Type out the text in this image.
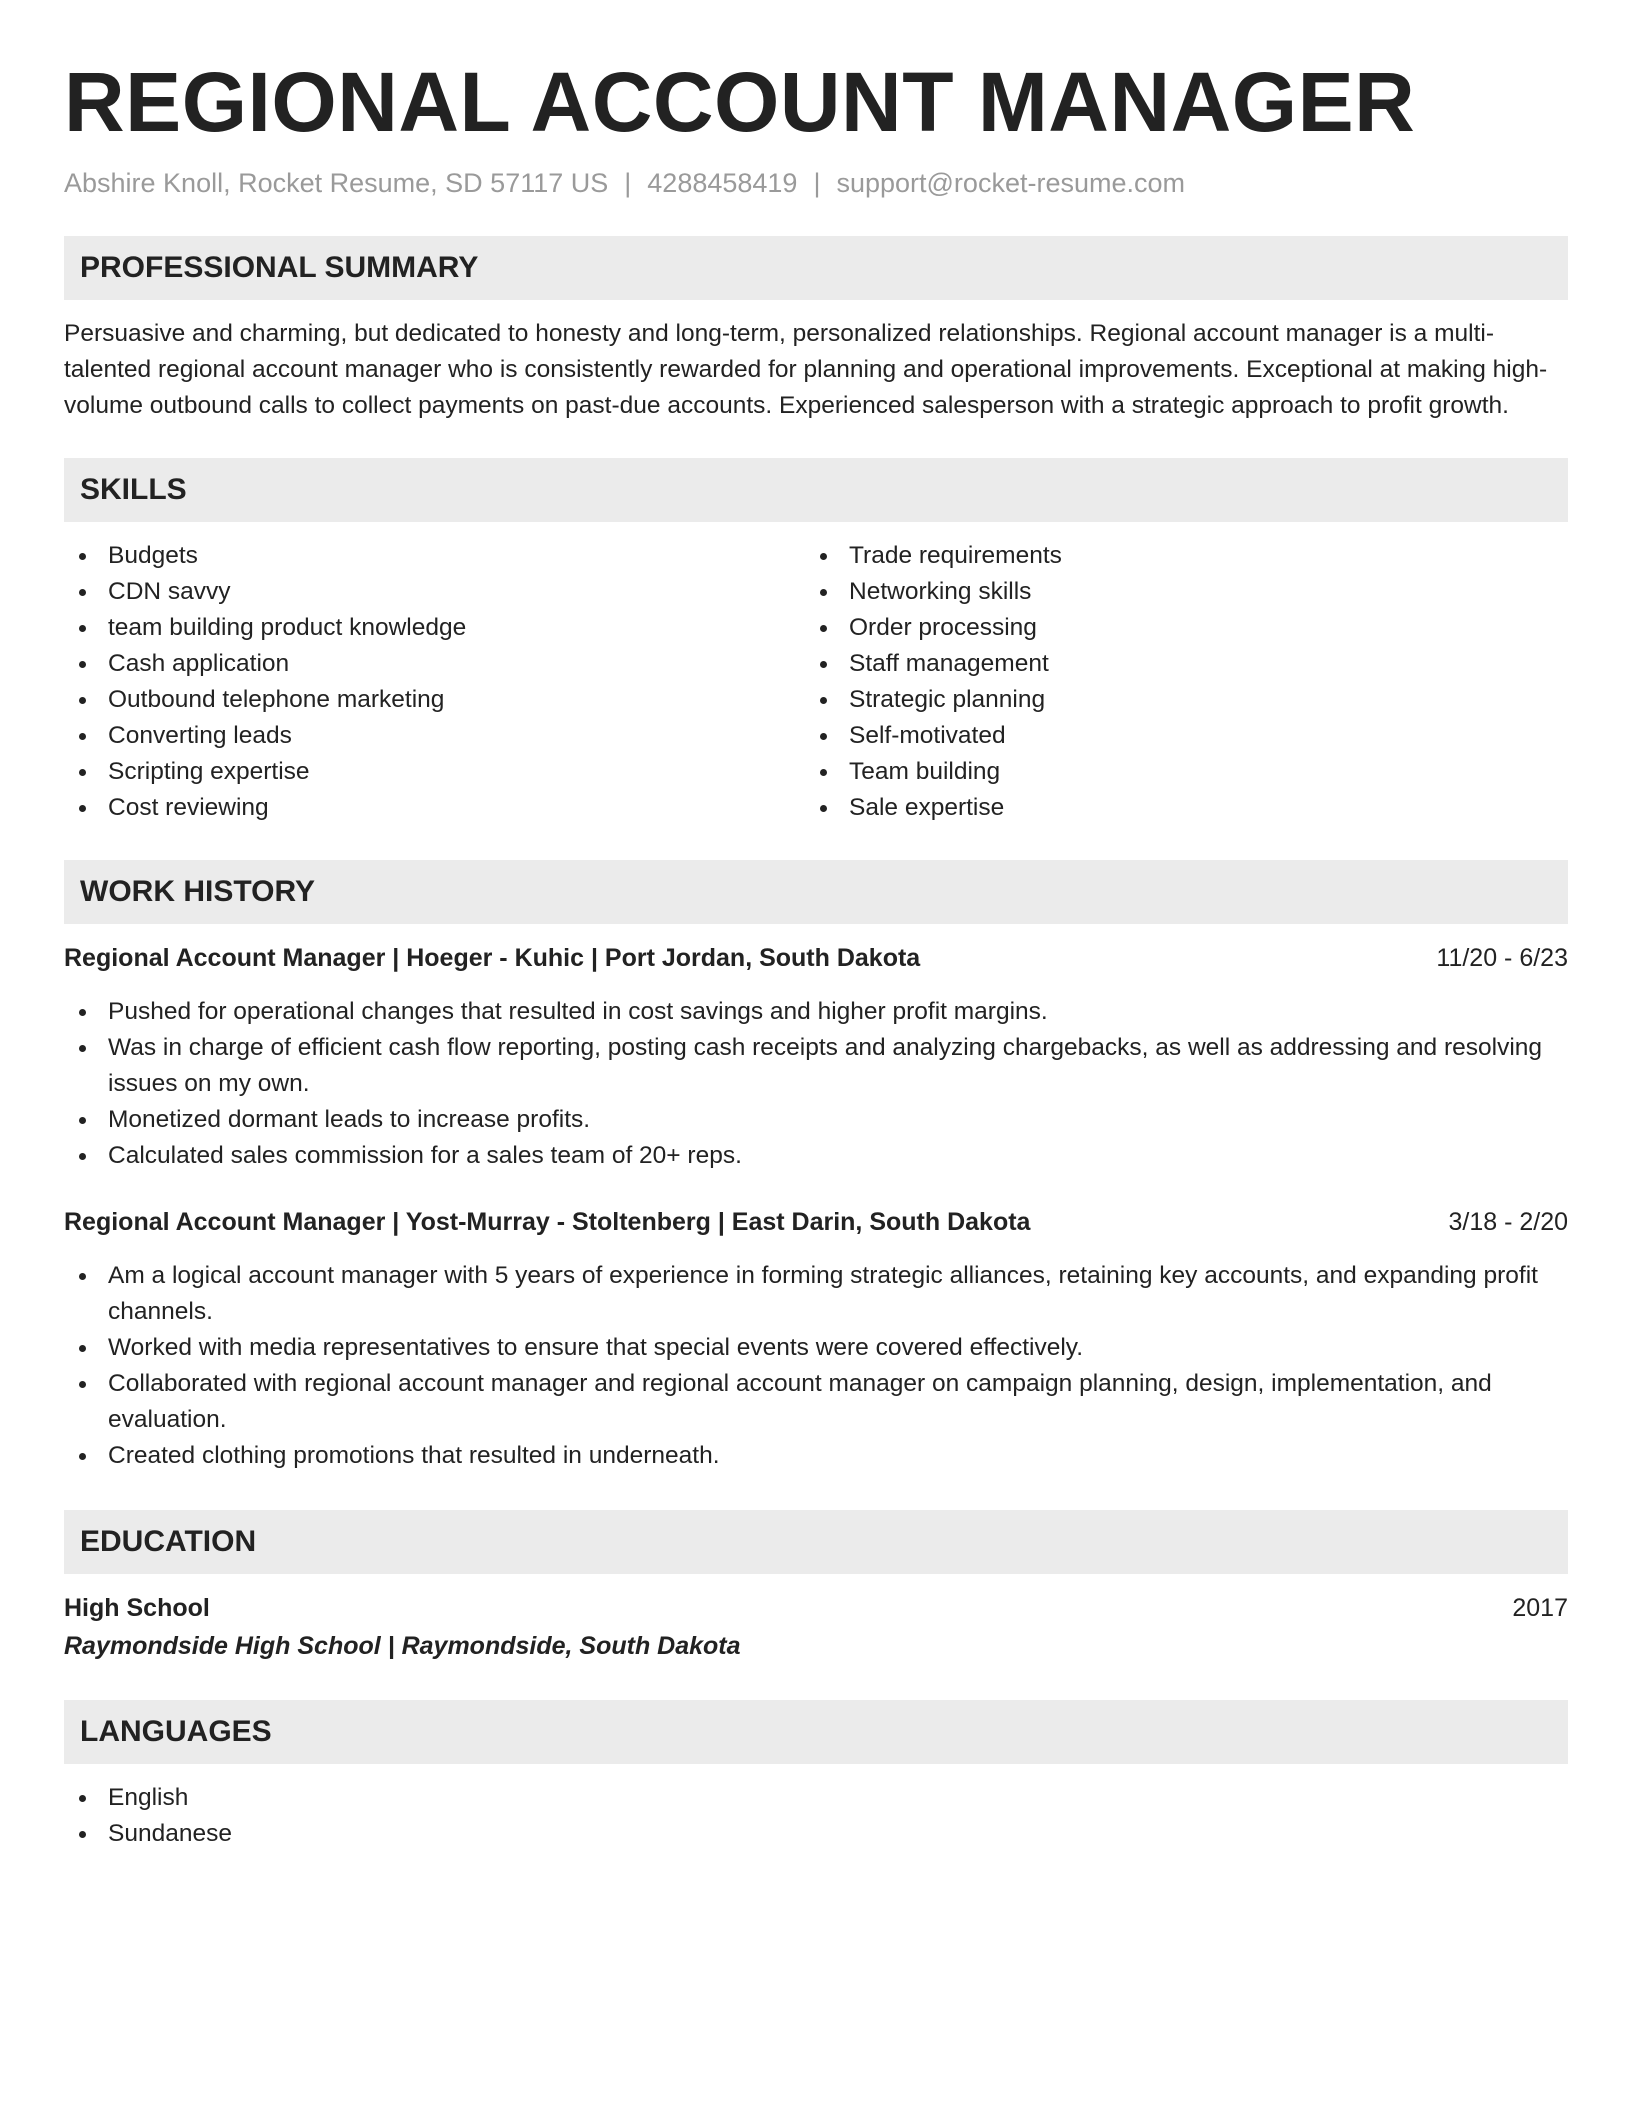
REGIONAL ACCOUNT MANAGER
Abshire Knoll, Rocket Resume, SD 57117 US | 4288458419 | support@rocket-resume.com
PROFESSIONAL SUMMARY
Persuasive and charming, but dedicated to honesty and long-term, personalized relationships. Regional account manager is a multi-talented regional account manager who is consistently rewarded for planning and operational improvements. Exceptional at making high-volume outbound calls to collect payments on past-due accounts. Experienced salesperson with a strategic approach to profit growth.
SKILLS
Budgets
CDN savvy
team building product knowledge
Cash application
Outbound telephone marketing
Converting leads
Scripting expertise
Cost reviewing
Trade requirements
Networking skills
Order processing
Staff management
Strategic planning
Self-motivated
Team building
Sale expertise
WORK HISTORY
Regional Account Manager | Hoeger - Kuhic | Port Jordan, South Dakota	11/20 - 6/23
Pushed for operational changes that resulted in cost savings and higher profit margins.
Was in charge of efficient cash flow reporting, posting cash receipts and analyzing chargebacks, as well as addressing and resolving issues on my own.
Monetized dormant leads to increase profits.
Calculated sales commission for a sales team of 20+ reps.
Regional Account Manager | Yost-Murray - Stoltenberg | East Darin, South Dakota	3/18 - 2/20
Am a logical account manager with 5 years of experience in forming strategic alliances, retaining key accounts, and expanding profit channels.
Worked with media representatives to ensure that special events were covered effectively.
Collaborated with regional account manager and regional account manager on campaign planning, design, implementation, and evaluation.
Created clothing promotions that resulted in underneath.
EDUCATION
High School	2017
Raymondside High School | Raymondside, South Dakota
LANGUAGES
English
Sundanese
